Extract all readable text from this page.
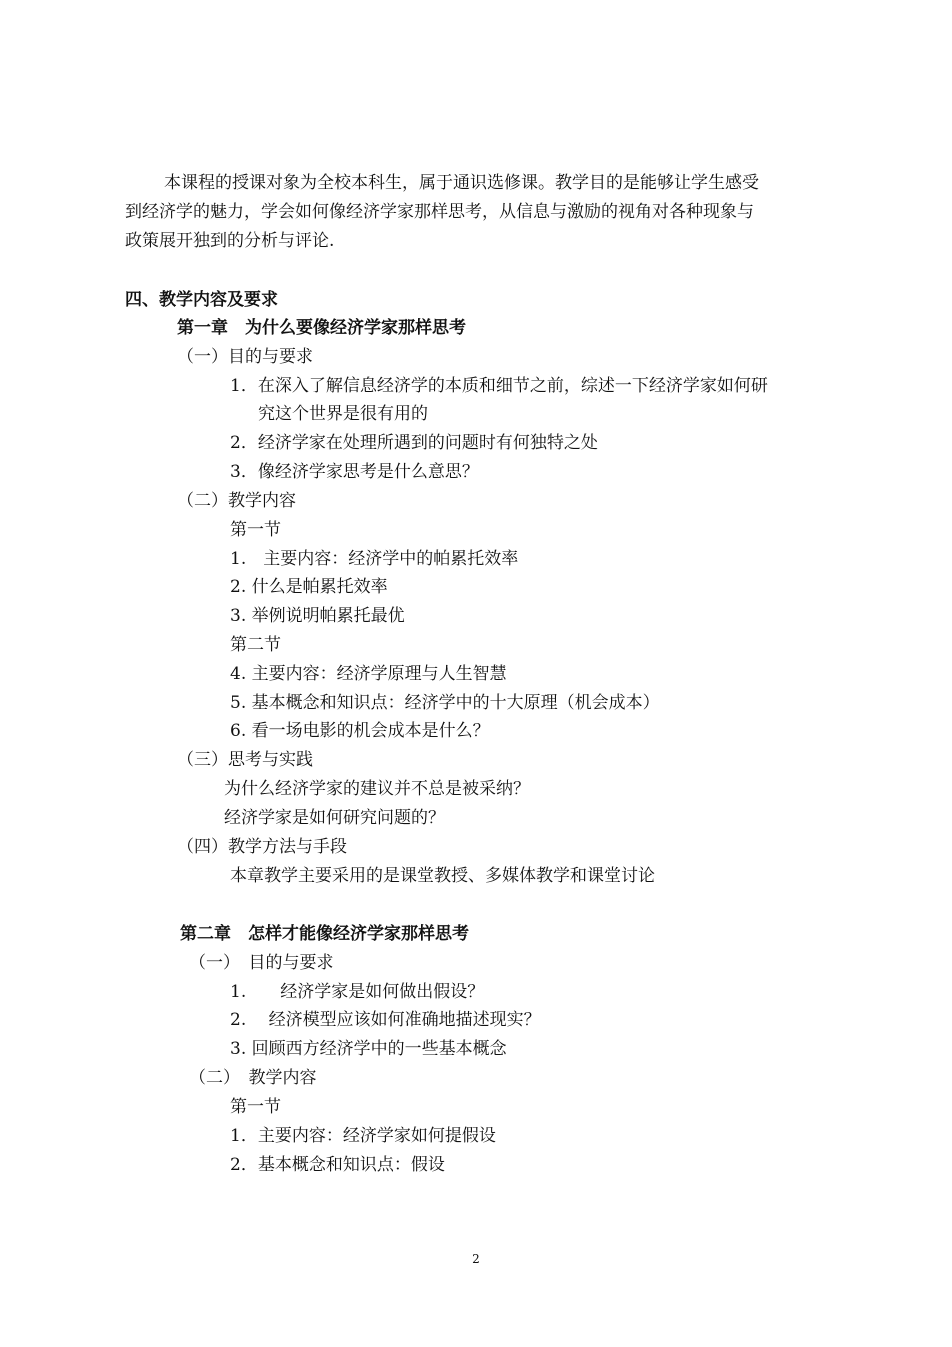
本课程的授课对象为全校本科生，属于通识选修课。教学目的是能够让学生感受
到经济学的魅力，学会如何像经济学家那样思考，从信息与激励的视角对各种现象与
政策展开独到的分析与评论.
四、教学内容及要求
第一章　为什么要像经济学家那样思考
（一）目的与要求
1．在深入了解信息经济学的本质和细节之前，综述一下经济学家如何研
究这个世界是很有用的
2．经济学家在处理所遇到的问题时有何独特之处
3．像经济学家思考是什么意思？
（二）教学内容
第一节
1.　主要内容：经济学中的帕累托效率
2. 什么是帕累托效率
3. 举例说明帕累托最优
第二节
4. 主要内容：经济学原理与人生智慧
5. 基本概念和知识点：经济学中的十大原理（机会成本）
6. 看一场电影的机会成本是什么？
（三）思考与实践
为什么经济学家的建议并不总是被采纳？
经济学家是如何研究问题的？
（四）教学方法与手段
本章教学主要采用的是课堂教授、多媒体教学和课堂讨论
第二章　怎样才能像经济学家那样思考
（一）　目的与要求
1.　　经济学家是如何做出假设？
2.　 经济模型应该如何准确地描述现实？
3. 回顾西方经济学中的一些基本概念
（二）　教学内容
第一节
1．主要内容：经济学家如何提假设
2．基本概念和知识点：假设
2
